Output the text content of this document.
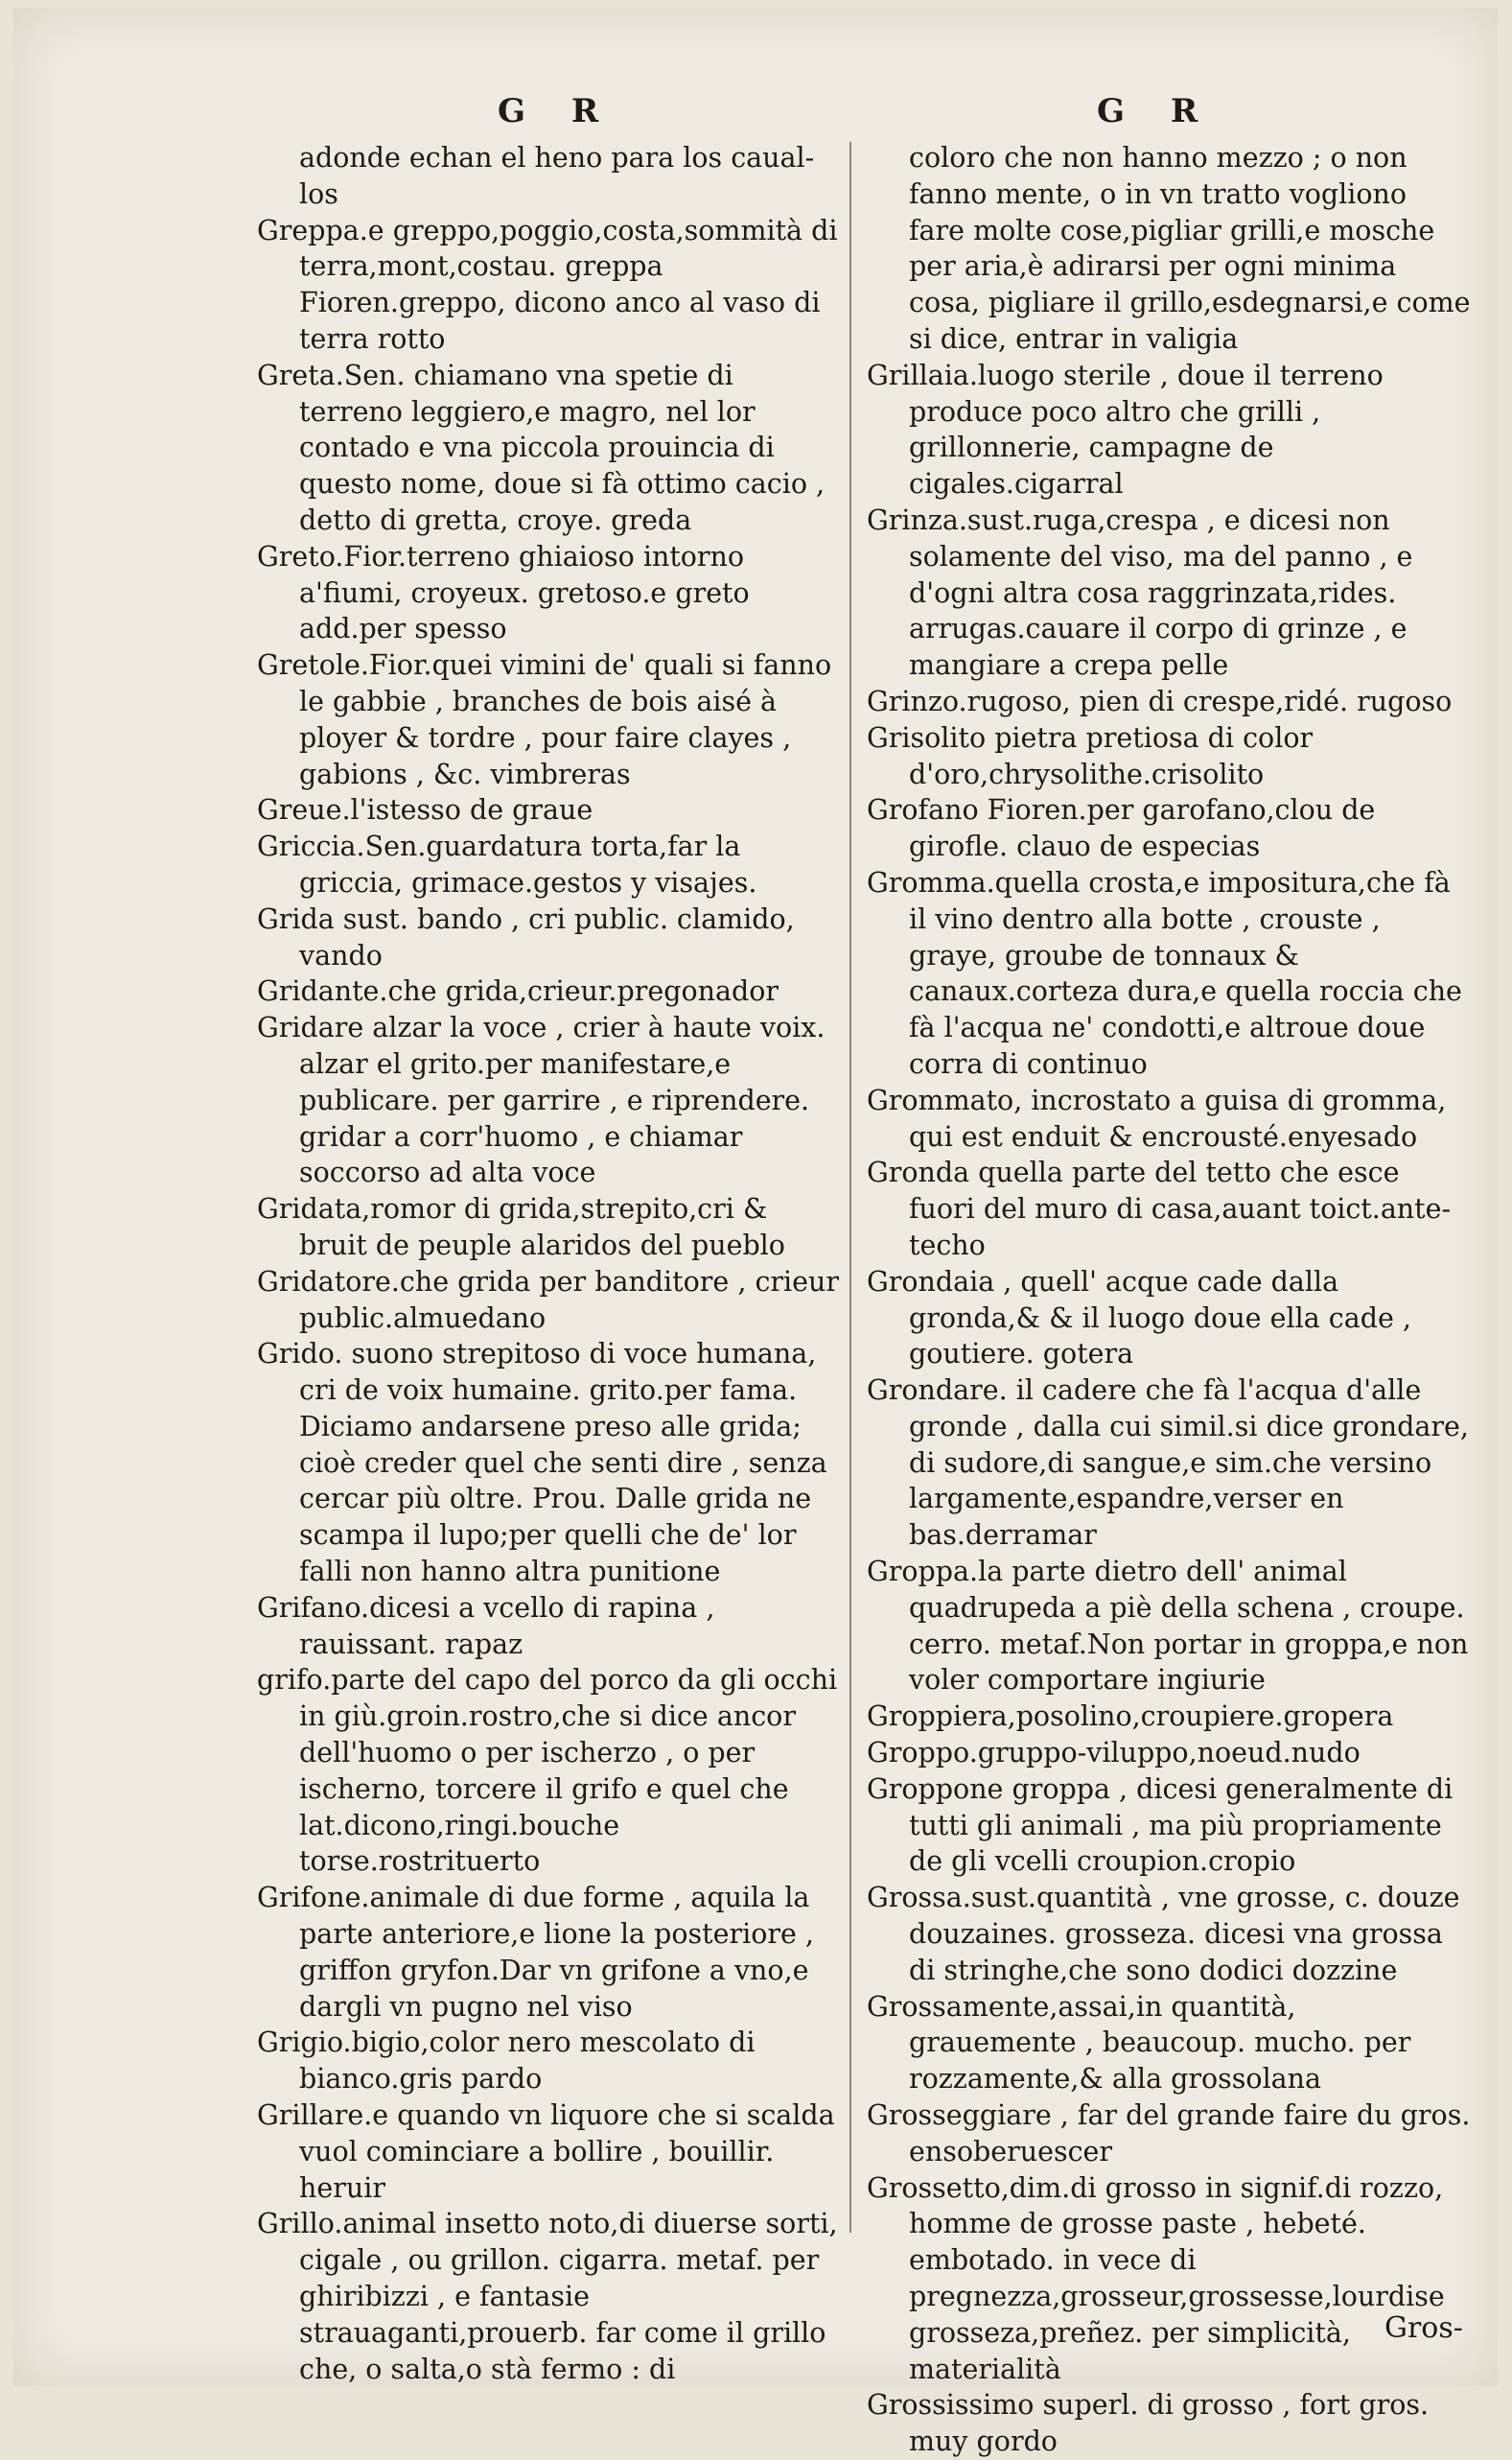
G R	G R

adonde echan el heno para los caual-los

Greppa.e greppo,poggio,costa,sommità di terra,mont,costau. greppa Fioren.greppo, dicono anco al vaso di terra rotto

Greta.Sen. chiamano vna spetie di terreno leggiero,e magro, nel lor contado e vna piccola prouincia di questo nome, doue si fà ottimo cacio , detto di gretta, croye. greda

Greto.Fior.terreno ghiaioso intorno a'fiumi, croyeux. gretoso.e greto add.per spesso

Gretole.Fior.quei vimini de' quali si fanno le gabbie , branches de bois aisé à ployer & tordre , pour faire clayes , gabions , &c. vimbreras

Greue.l'istesso de graue

Griccia.Sen.guardatura torta,far la griccia, grimace.gestos y visajes.

Grida sust. bando , cri public. clamido, vando

Gridante.che grida,crieur.pregonador

Gridare alzar la voce , crier à haute voix. alzar el grito.per manifestare,e publicare. per garrire , e riprendere. gridar a corr'huomo , e chiamar soccorso ad alta voce

Gridata,romor di grida,strepito,cri & bruit de peuple alaridos del pueblo

Gridatore.che grida per banditore , crieur public.almuedano

Grido. suono strepitoso di voce humana, cri de voix humaine. grito.per fama. Diciamo andarsene preso alle grida; cioè creder quel che senti dire , senza cercar più oltre. Prou. Dalle grida ne scampa il lupo;per quelli che de' lor falli non hanno altra punitione

Grifano.dicesi a vcello di rapina , rauissant. rapaz

grifo.parte del capo del porco da gli occhi in giù.groin.rostro,che si dice ancor dell'huomo o per ischerzo , o per ischerno, torcere il grifo e quel che lat.dicono,ringi.bouche torse.rostrituerto

Grifone.animale di due forme , aquila la parte anteriore,e lione la posteriore , griffon gryfon.Dar vn grifone a vno,e dargli vn pugno nel viso

Grigio.bigio,color nero mescolato di bianco.gris pardo

Grillare.e quando vn liquore che si scalda vuol cominciare a bollire , bouillir. heruir

Grillo.animal insetto noto,di diuerse sorti, cigale , ou grillon. cigarra. metaf. per ghiribizzi , e fantasie strauaganti,prouerb. far come il grillo che, o salta,o stà fermo : di

coloro che non hanno mezzo ; o non fanno mente, o in vn tratto vogliono fare molte cose,pigliar grilli,e mosche per aria,è adirarsi per ogni minima cosa, pigliare il grillo,esdegnarsi,e come si dice, entrar in valigia

Grillaia.luogo sterile , doue il terreno produce poco altro che grilli , grillonnerie, campagne de cigales.cigarral

Grinza.sust.ruga,crespa , e dicesi non solamente del viso, ma del panno , e d'ogni altra cosa raggrinzata,rides. arrugas.cauare il corpo di grinze , e mangiare a crepa pelle

Grinzo.rugoso, pien di crespe,ridé. rugoso

Grisolito pietra pretiosa di color d'oro,chrysolithe.crisolito

Grofano Fioren.per garofano,clou de girofle. clauo de especias

Gromma.quella crosta,e impositura,che fà il vino dentro alla botte , crouste , graye, groube de tonnaux & canaux.corteza dura,e quella roccia che fà l'acqua ne' condotti,e altroue doue corra di continuo

Grommato, incrostato a guisa di gromma, qui est enduit & encrousté.enyesado

Gronda quella parte del tetto che esce fuori del muro di casa,auant toict.ante-techo

Grondaia , quell' acque cade dalla gronda,& & il luogo doue ella cade , goutiere. gotera

Grondare. il cadere che fà l'acqua d'alle gronde , dalla cui simil.si dice grondare, di sudore,di sangue,e sim.che versino largamente,espandre,verser en bas.derramar

Groppa.la parte dietro dell' animal quadrupeda a piè della schena , croupe. cerro. metaf.Non portar in groppa,e non voler comportare ingiurie

Groppiera,posolino,croupiere.gropera

Groppo.gruppo-viluppo,noeud.nudo

Groppone groppa , dicesi generalmente di tutti gli animali , ma più propriamente de gli vcelli croupion.cropio

Grossa.sust.quantità , vne grosse, c. douze douzaines. grosseza. dicesi vna grossa di stringhe,che sono dodici dozzine

Grossamente,assai,in quantità, grauemente , beaucoup. mucho. per rozzamente,& alla grossolana

Grosseggiare , far del grande faire du gros. ensoberuescer

Grossetto,dim.di grosso in signif.di rozzo, homme de grosse paste , hebeté. embotado. in vece di pregnezza,grosseur,grossesse,lourdise grosseza,preñez. per simplicità, materialità

Grossissimo superl. di grosso , fort gros. muy gordo

Gros-
